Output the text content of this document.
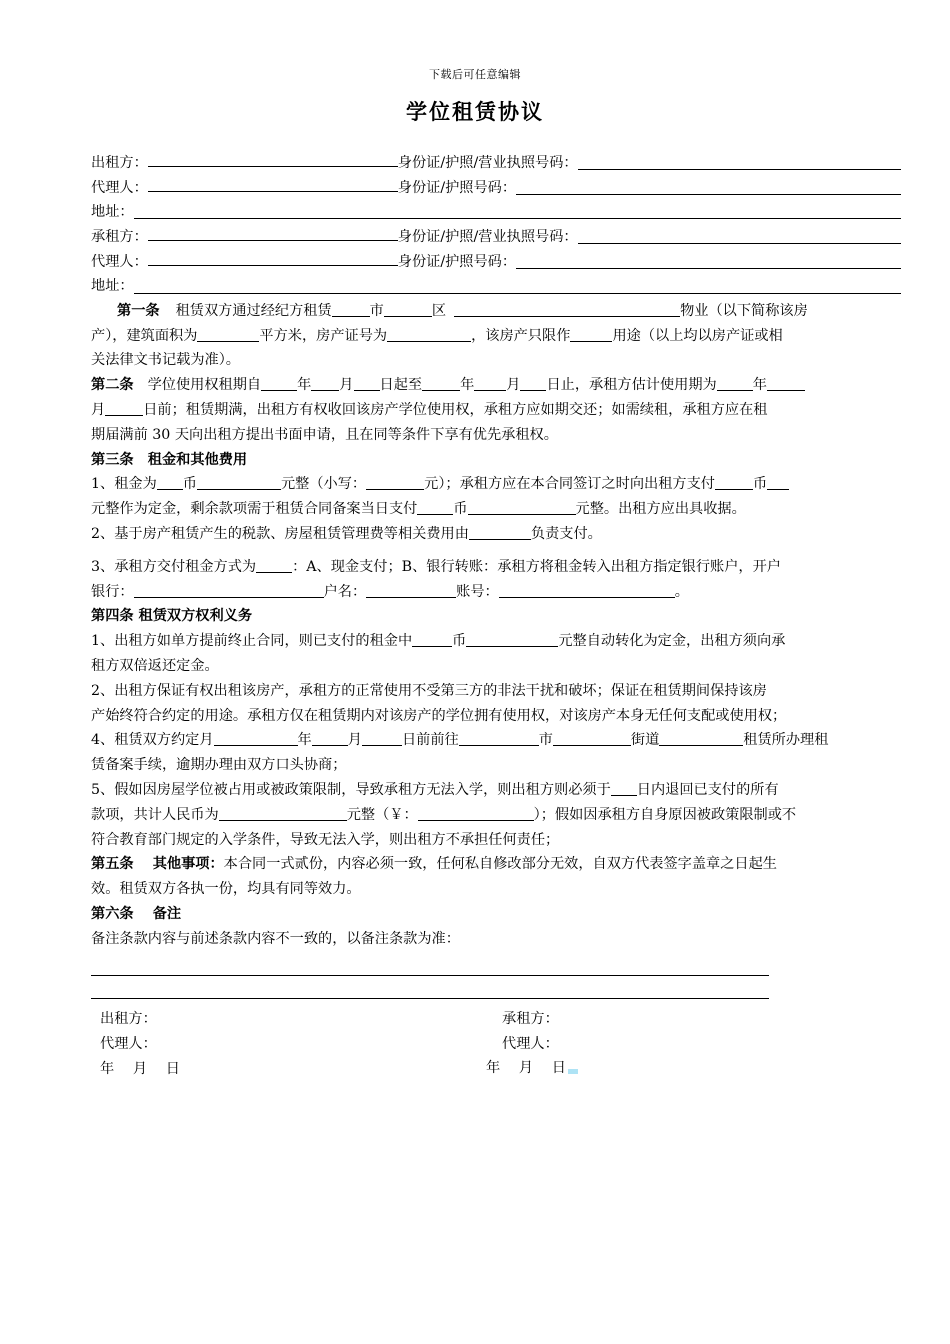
下载后可任意编辑
学位租赁协议
出租方：	身份证/护照/营业执照号码：
代理人：	身份证/护照号码：
地址：
承租方：	身份证/护照/营业执照号码：
代理人：	身份证/护照号码：
地址：
第一条 租赁双方通过经纪方租赁	市	区	物业（以下简称该房
产），建筑面积为	平方米，房产证号为	，该房产只限作	用途（以上均以房产证或相
关法律文书记载为准）。
第二条 学位使用权租期自	年 月 日起至	年 月 日止，承租方估计使用期为	年
月	日前；租赁期满，出租方有权收回该房产学位使用权，承租方应如期交还；如需续租，承租方应在租
期届满前 30 天向出租方提出书面申请，且在同等条件下享有优先承租权。
第三条　租金和其他费用
1、租金为 币	元整（小写：	元）；承租方应在本合同签订之时向出租方支付	币
元整作为定金，剩余款项需于租赁合同备案当日支付	币	元整。出租方应出具收据。
2、基于房产租赁产生的税款、房屋租赁管理费等相关费用由	负责支付。
3、承租方交付租金方式为	：A、现金支付；B、银行转账：承租方将租金转入出租方指定银行账户，开户
银行：	户名：	账号：	。
第四条 租赁双方权利义务
1、出租方如单方提前终止合同，则已支付的租金中	币	元整自动转化为定金，出租方须向承
租方双倍返还定金。
2、出租方保证有权出租该房产，承租方的正常使用不受第三方的非法干扰和破坏；保证在租赁期间保持该房
产始终符合约定的用途。承租方仅在租赁期内对该房产的学位拥有使用权，对该房产本身无任何支配或使用权；
4、租赁双方约定月	年	月	日前前往	市	街道	租赁所办理租
赁备案手续，逾期办理由双方口头协商；
5、假如因房屋学位被占用或被政策限制，导致承租方无法入学，则出租方则必须于 日内退回已支付的所有
款项，共计人民币为	元整（￥：	）；假如因承租方自身原因被政策限制或不
符合教育部门规定的入学条件，导致无法入学，则出租方不承担任何责任；
第五条　 其他事项：本合同一式贰份，内容必须一致，任何私自修改部分无效，自双方代表签字盖章之日起生
效。租赁双方各执一份，均具有同等效力。
第六条　 备注
备注条款内容与前述条款内容不一致的，以备注条款为准：
出租方：
代理人：
年　 月　 日
承租方：
代理人：
年　 月　 日
